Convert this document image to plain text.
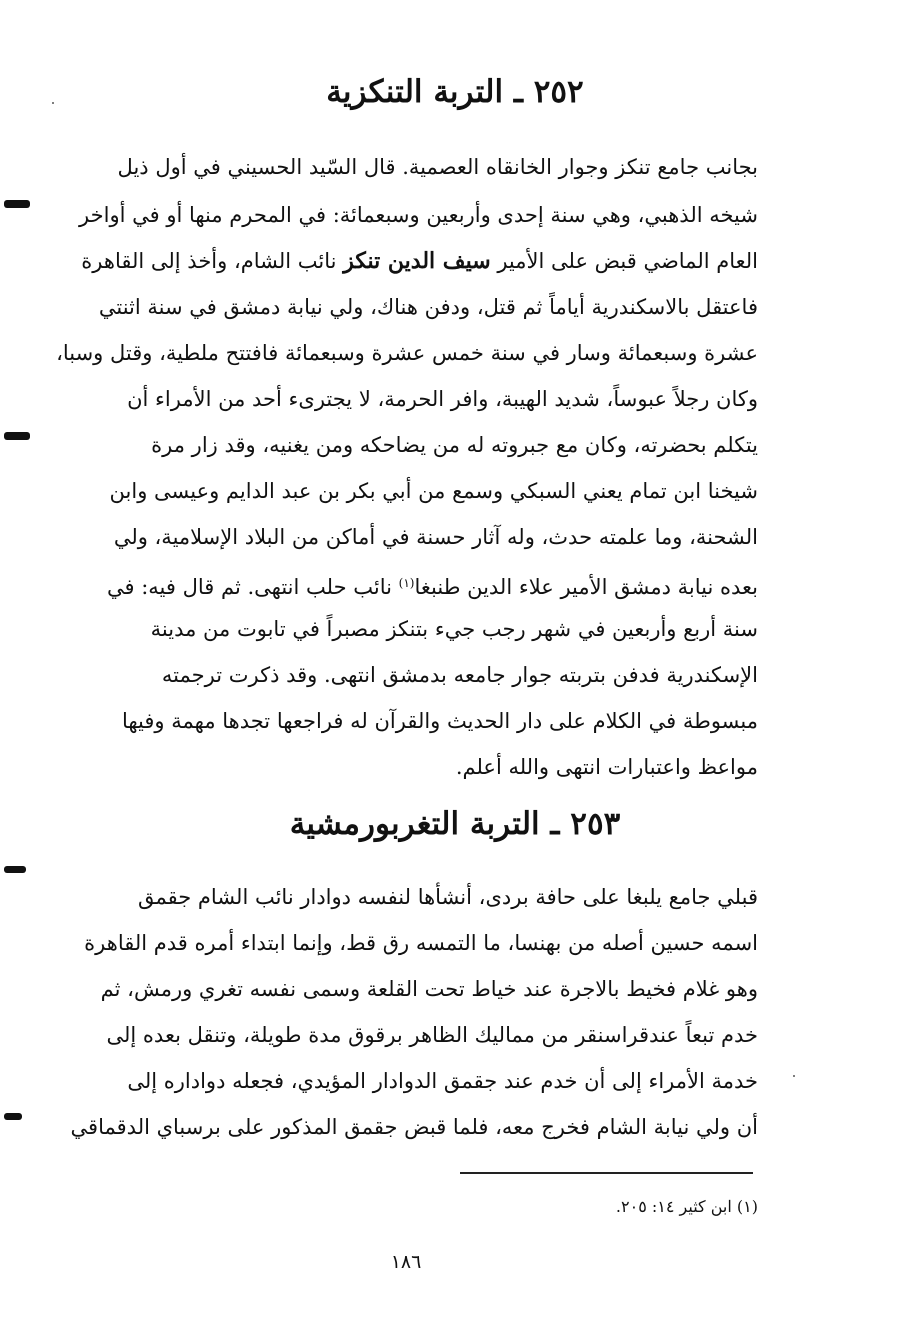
٢٥٢ ـ التربة التنكزية
بجانب جامع تنكز وجوار الخانقاه العصمية. قال السّيد الحسيني في أول ذيل
شيخه الذهبي، وهي سنة إحدى وأربعين وسبعمائة: في المحرم منها أو في أواخر
العام الماضي قبض على الأمير سيف الدين تنكز نائب الشام، وأخذ إلى القاهرة
فاعتقل بالاسكندرية أياماً ثم قتل، ودفن هناك، ولي نيابة دمشق في سنة اثنتي
عشرة وسبعمائة وسار في سنة خمس عشرة وسبعمائة فافتتح ملطية، وقتل وسبا،
وكان رجلاً عبوساً، شديد الهيبة، وافر الحرمة، لا يجترىء أحد من الأمراء أن
يتكلم بحضرته، وكان مع جبروته له من يضاحكه ومن يغنيه، وقد زار مرة
شيخنا ابن تمام يعني السبكي وسمع من أبي بكر بن عبد الدايم وعيسى وابن
الشحنة، وما علمته حدث، وله آثار حسنة في أماكن من البلاد الإسلامية، ولي
بعده نيابة دمشق الأمير علاء الدين طنبغا$^{(١)}$ نائب حلب انتهى. ثم قال فيه: في
سنة أربع وأربعين في شهر رجب جيء بتنكز مصبراً في تابوت من مدينة
الإسكندرية فدفن بتربته جوار جامعه بدمشق انتهى. وقد ذكرت ترجمته
مبسوطة في الكلام على دار الحديث والقرآن له فراجعها تجدها مهمة وفيها
مواعظ واعتبارات انتهى والله أعلم.
٢٥٣ ـ التربة التغربورمشية
قبلي جامع يلبغا على حافة بردى، أنشأها لنفسه دوادار نائب الشام جقمق
اسمه حسين أصله من بهنسا، ما التمسه رق قط، وإنما ابتداء أمره قدم القاهرة
وهو غلام فخيط بالاجرة عند خياط تحت القلعة وسمى نفسه تغري ورمش، ثم
خدم تبعاً عندقراسنقر من مماليك الظاهر برقوق مدة طويلة، وتنقل بعده إلى
خدمة الأمراء إلى أن خدم عند جقمق الدوادار المؤيدي، فجعله دواداره إلى
أن ولي نيابة الشام فخرج معه، فلما قبض جقمق المذكور على برسباي الدقماقي
(١) ابن كثير ١٤: ٢٠٥.
١٨٦
